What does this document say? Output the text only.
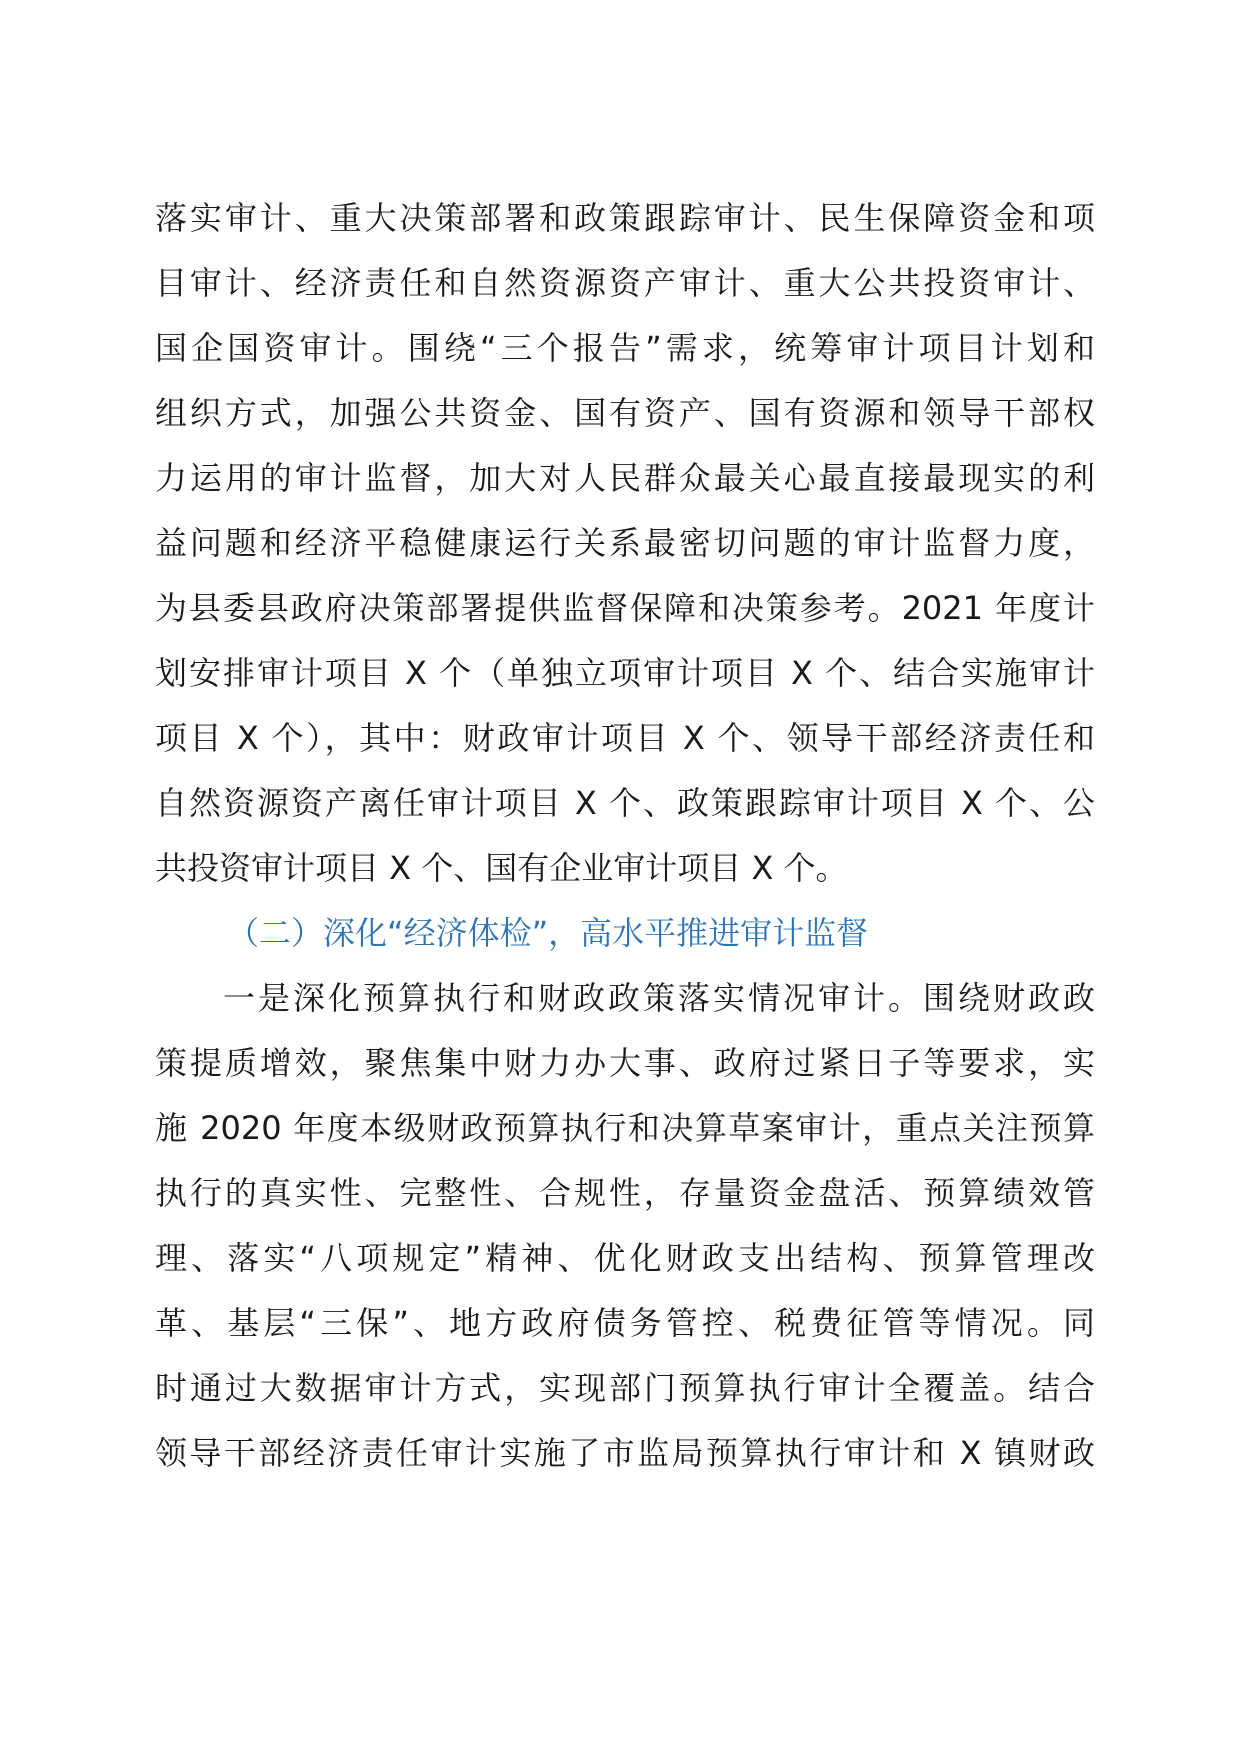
落实审计、重大决策部署和政策跟踪审计、民生保障资金和项
目审计、经济责任和自然资源资产审计、重大公共投资审计、
国企国资审计。围绕“三个报告”需求，统筹审计项目计划和
组织方式，加强公共资金、国有资产、国有资源和领导干部权
力运用的审计监督，加大对人民群众最关心最直接最现实的利
益问题和经济平稳健康运行关系最密切问题的审计监督力度，
为县委县政府决策部署提供监督保障和决策参考。2021 年度计
划安排审计项目 X 个（单独立项审计项目 X 个、结合实施审计
项目 X 个），其中：财政审计项目 X 个、领导干部经济责任和
自然资源资产离任审计项目 X 个、政策跟踪审计项目 X 个、公
共投资审计项目 X 个、国有企业审计项目 X 个。
（二）深化“经济体检”，高水平推进审计监督
一是深化预算执行和财政政策落实情况审计。围绕财政政
策提质增效，聚焦集中财力办大事、政府过紧日子等要求，实
施 2020 年度本级财政预算执行和决算草案审计，重点关注预算
执行的真实性、完整性、合规性，存量资金盘活、预算绩效管
理、落实“八项规定”精神、优化财政支出结构、预算管理改
革、基层“三保”、地方政府债务管控、税费征管等情况。同
时通过大数据审计方式，实现部门预算执行审计全覆盖。结合
领导干部经济责任审计实施了市监局预算执行审计和 X 镇财政
